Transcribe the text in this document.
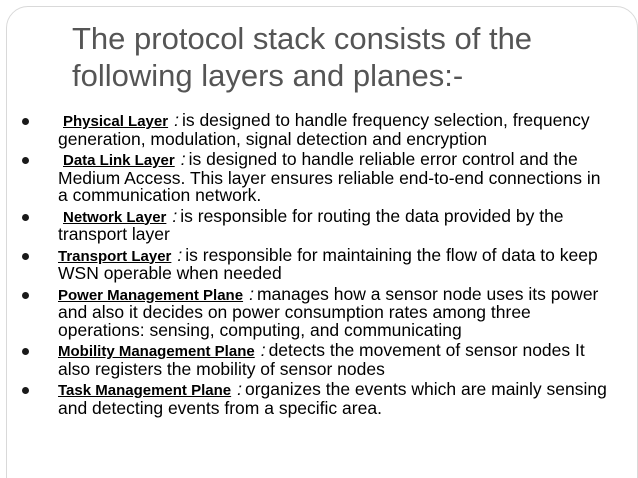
The protocol stack consists of the
following layers and planes:-
Physical Layer : is designed to handle frequency selection, frequency generation, modulation, signal detection and encryption
Data Link Layer : is designed to handle reliable error control and the Medium Access. This layer ensures reliable end-to-end connections in a communication network.
Network Layer : is responsible for routing the data provided by the transport layer
Transport Layer : is responsible for maintaining the flow of data to keep WSN operable when needed
Power Management Plane : manages how a sensor node uses its power and also it decides on power consumption rates among three operations: sensing, computing, and communicating
Mobility Management Plane : detects the movement of sensor nodes It also registers the mobility of sensor nodes
Task Management Plane : organizes the events which are mainly sensing and detecting events from a specific area.
